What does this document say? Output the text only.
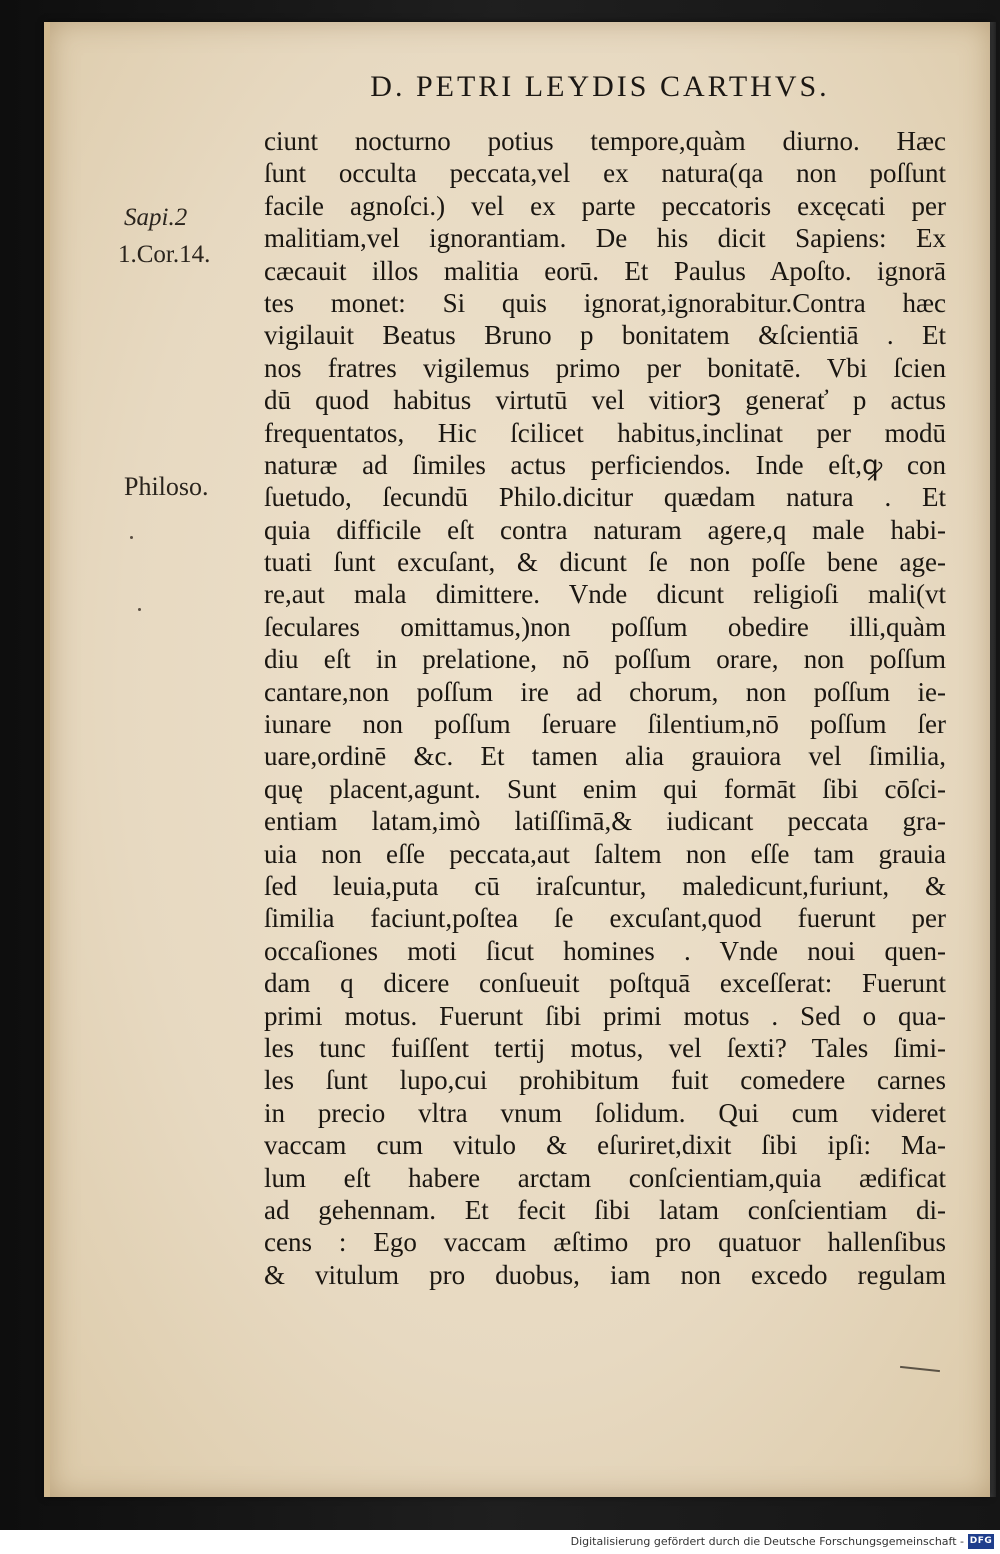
D. PETRI LEYDIS CARTHVS.
Sapi.2
1.Cor.14.
Philoso.
ciunt nocturno potius tempore,quàm diurno. Hæc
ſunt occulta peccata,vel ex natura(qa non poſſunt
facile agnoſci.) vel ex parte peccatoris excęcati per
malitiam,vel ignorantiam. De his dicit Sapiens: Ex
cæcauit illos malitia eorū. Et Paulus Apoſto. ignorā
tes monet: Si quis ignorat,ignorabitur.Contra hæc
vigilauit Beatus Bruno p bonitatem &ſcientiā . Et
nos fratres vigilemus primo per bonitatē. Vbi ſcien
dū quod habitus virtutū vel vitiorꝫ generať p actus
frequentatos, Hic ſcilicet habitus,inclinat per modū
naturæ ad ſimiles actus perficiendos. Inde eſt,ꝙ con
ſuetudo, ſecundū Philo.dicitur quædam natura . Et
quia difficile eſt contra naturam agere,q male habi-
tuati ſunt excuſant, & dicunt ſe non poſſe bene age-
re,aut mala dimittere. Vnde dicunt religioſi mali(vt
ſeculares omittamus,)non poſſum obedire illi,quàm
diu eſt in prelatione, nō poſſum orare, non poſſum
cantare,non poſſum ire ad chorum, non poſſum ie-
iunare non poſſum ſeruare ſilentium,nō poſſum ſer
uare,ordinē &c. Et tamen alia grauiora vel ſimilia,
quę placent,agunt. Sunt enim qui formāt ſibi cōſci-
entiam latam,imò latiſſimā,& iudicant peccata gra-
uia non eſſe peccata,aut ſaltem non eſſe tam grauia
ſed leuia,puta cū iraſcuntur, maledicunt,furiunt, &
ſimilia faciunt,poſtea ſe excuſant,quod fuerunt per
occaſiones moti ſicut homines . Vnde noui quen-
dam q dicere conſueuit poſtquā exceſſerat: Fuerunt
primi motus. Fuerunt ſibi primi motus . Sed o qua-
les tunc fuiſſent tertij motus, vel ſexti? Tales ſimi-
les ſunt lupo,cui prohibitum fuit comedere carnes
in precio vltra vnum ſolidum. Qui cum videret
vaccam cum vitulo & eſuriret,dixit ſibi ipſi: Ma-
lum eſt habere arctam conſcientiam,quia ædificat
ad gehennam. Et fecit ſibi latam conſcientiam di-
cens : Ego vaccam æſtimo pro quatuor hallenſibus
& vitulum pro duobus, iam non excedo regulam
Digitalisierung gefördert durch die Deutsche Forschungsgemeinschaft - DFG
